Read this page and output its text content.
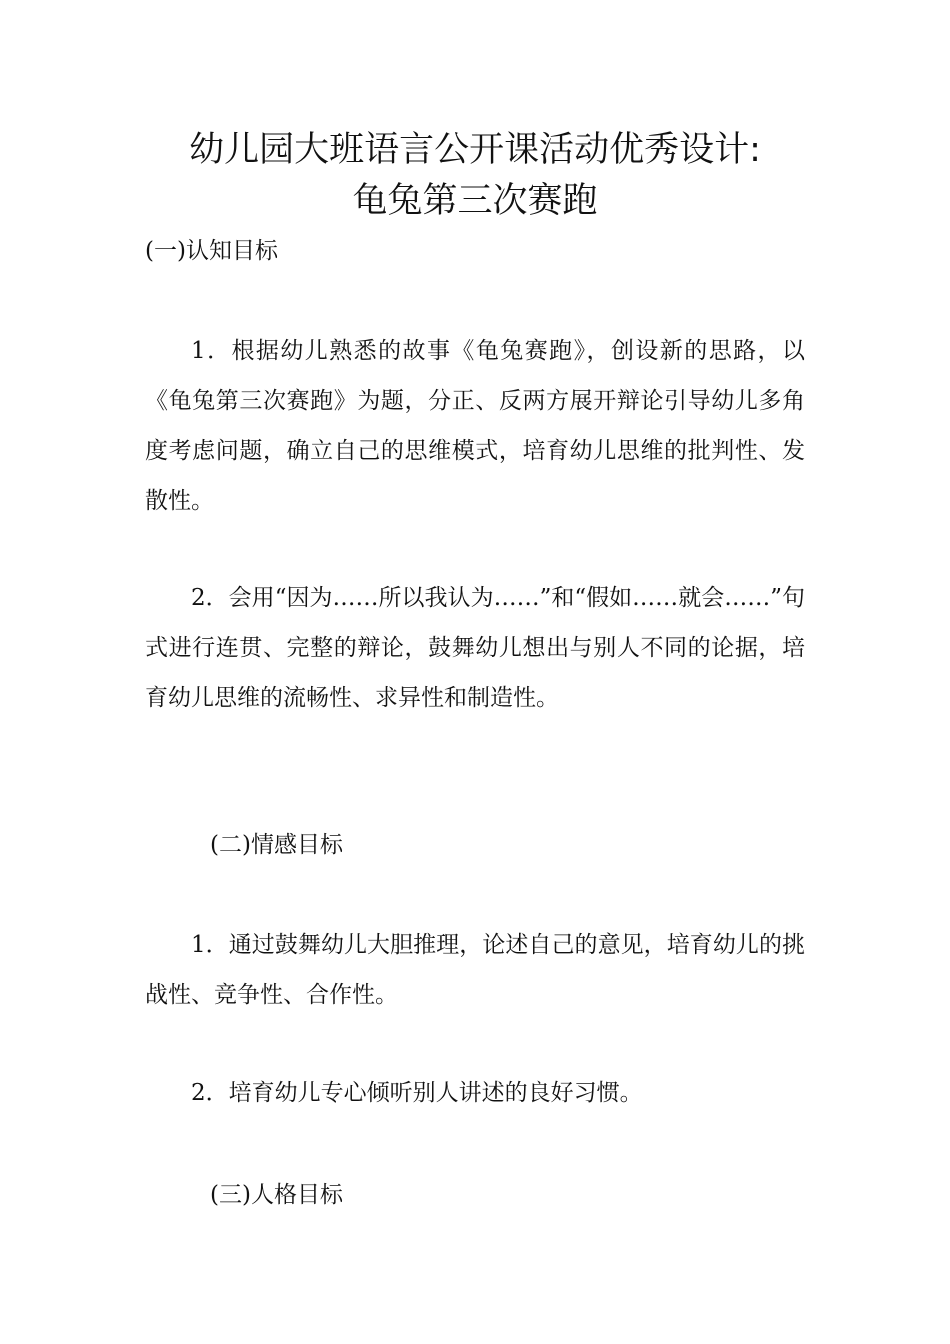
幼儿园大班语言公开课活动优秀设计:
龟兔第三次赛跑
(一)认知目标
1．根据幼儿熟悉的故事《龟兔赛跑》，创设新的思路，以《龟兔第三次赛跑》为题，分正、反两方展开辩论引导幼儿多角度考虑问题，确立自己的思维模式，培育幼儿思维的批判性、发散性。
2．会用“因为……所以我认为……”和“假如……就会……”句式进行连贯、完整的辩论，鼓舞幼儿想出与别人不同的论据，培育幼儿思维的流畅性、求异性和制造性。
(二)情感目标
1．通过鼓舞幼儿大胆推理，论述自己的意见，培育幼儿的挑战性、竞争性、合作性。
2．培育幼儿专心倾听别人讲述的良好习惯。
(三)人格目标
